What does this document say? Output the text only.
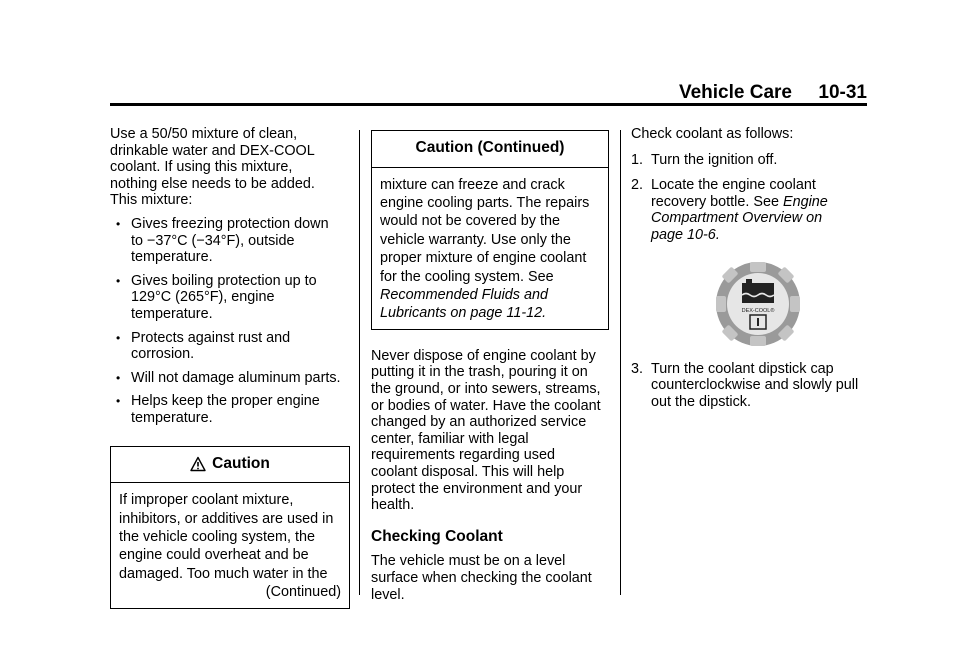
Vehicle Care 10-31

Use a 50/50 mixture of clean,
drinkable water and DEX-COOL
coolant. If using this mixture,
nothing else needs to be added.
This mixture:

• Gives freezing protection down
to −37°C (−34°F), outside
temperature.
• Gives boiling protection up to
129°C (265°F), engine
temperature.
• Protects against rust and
corrosion.
• Will not damage aluminum parts.
• Helps keep the proper engine
temperature.
Caution
If improper coolant mixture,
inhibitors, or additives are used in
the vehicle cooling system, the
engine could overheat and be
damaged. Too much water in the
(Continued)
Caution (Continued)
mixture can freeze and crack
engine cooling parts. The repairs
would not be covered by the
vehicle warranty. Use only the
proper mixture of engine coolant
for the cooling system. See
Recommended Fluids and
Lubricants on page 11-12.

Never dispose of engine coolant by
putting it in the trash, pouring it on
the ground, or into sewers, streams,
or bodies of water. Have the coolant
changed by an authorized service
center, familiar with legal
requirements regarding used
coolant disposal. This will help
protect the environment and your
health.

Checking Coolant

The vehicle must be on a level
surface when checking the coolant
level.

Check coolant as follows:

1. Turn the ignition off.
2. Locate the engine coolant
recovery bottle. See Engine
Compartment Overview on
page 10-6.
DEX-COOL®
3. Turn the coolant dipstick cap
counterclockwise and slowly pull
out the dipstick.
